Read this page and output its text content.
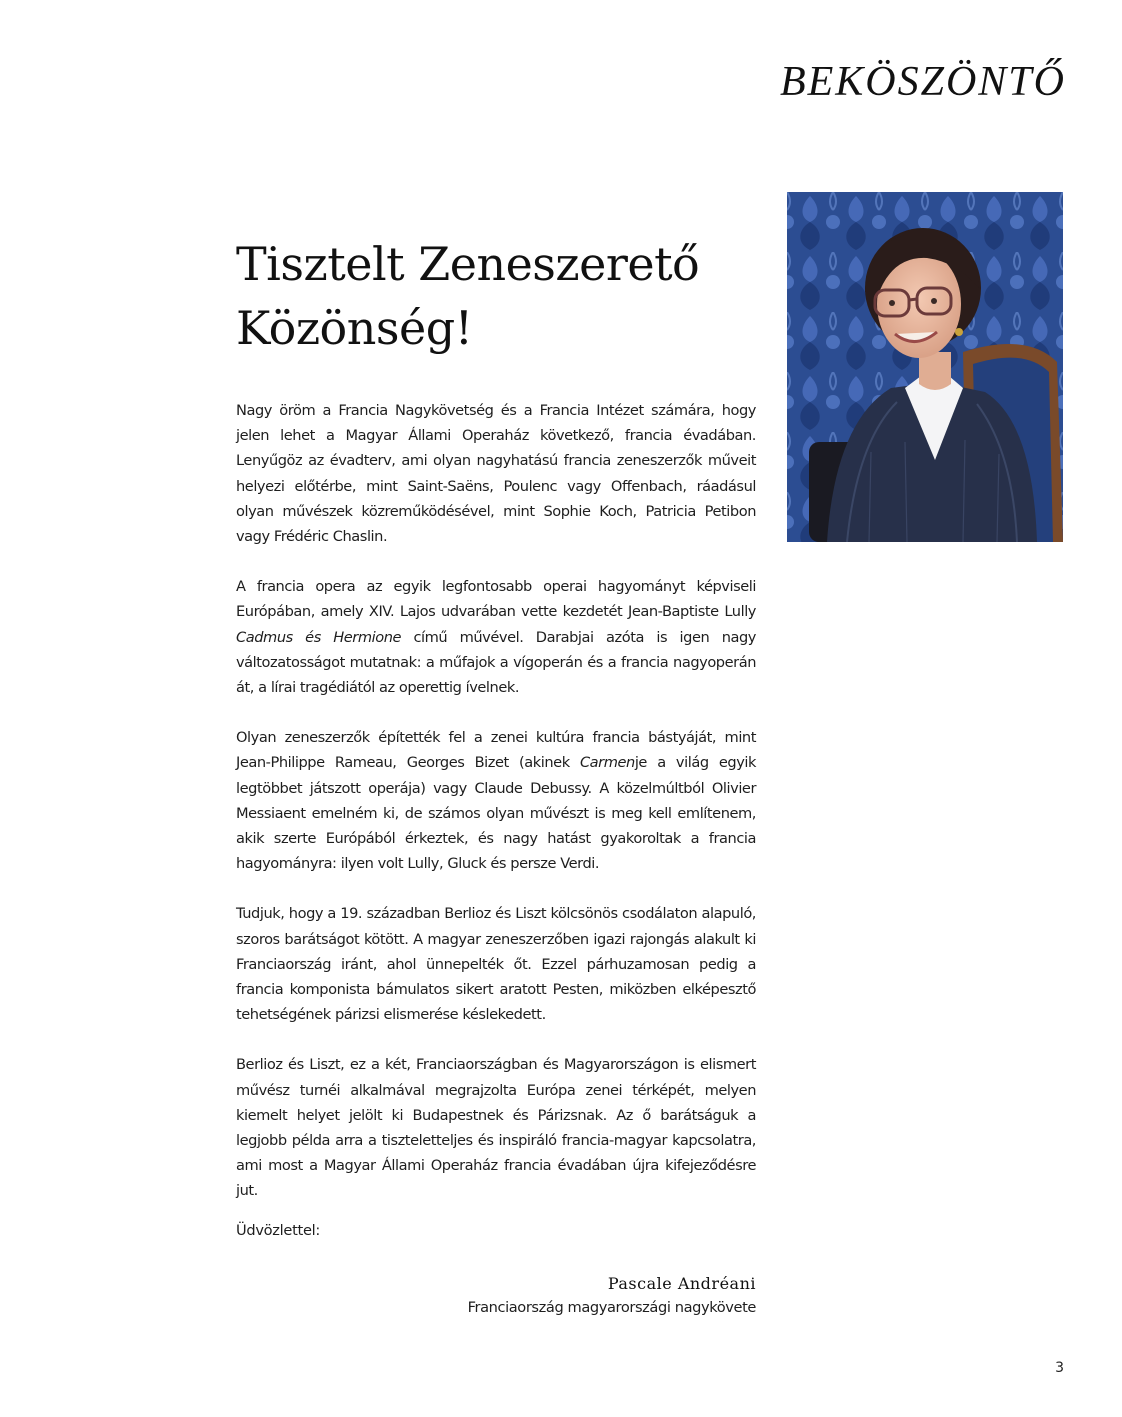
BEKÖSZÖNTŐ
Tisztelt Zeneszerető
Közönség!

Nagy öröm a Francia Nagykövetség és a Francia Intézet számára, hogy jelen lehet a Magyar Állami Operaház következő, francia évadában. Lenyűgöz az évadterv, ami olyan nagyhatású francia zeneszerzők műveit helyezi előtérbe, mint Saint-Saëns, Poulenc vagy Offenbach, ráadásul olyan művészek közreműködésével, mint Sophie Koch, Patricia Petibon vagy Frédéric Chaslin.

A francia opera az egyik legfontosabb operai hagyományt képviseli Európában, amely XIV. Lajos udvarában vette kezdetét Jean-Baptiste Lully Cadmus és Hermione című művével. Darabjai azóta is igen nagy változatosságot mutatnak: a műfajok a vígoperán és a francia nagyoperán át, a lírai tragédiától az operettig ívelnek.

Olyan zeneszerzők építették fel a zenei kultúra francia bástyáját, mint Jean-Philippe Rameau, Georges Bizet (akinek Carmenje a világ egyik legtöbbet játszott operája) vagy Claude Debussy. A közelmúltból Olivier Messiaent emelném ki, de számos olyan művészt is meg kell említenem, akik szerte Európából érkeztek, és nagy hatást gyakoroltak a francia hagyományra: ilyen volt Lully, Gluck és persze Verdi.

Tudjuk, hogy a 19. században Berlioz és Liszt kölcsönös csodálaton alapuló, szoros barátságot kötött. A magyar zeneszerzőben igazi rajongás alakult ki Franciaország iránt, ahol ünnepelték őt. Ezzel párhuzamosan pedig a francia komponista bámulatos sikert aratott Pesten, miközben elképesztő tehetségének párizsi elismerése késlekedett.

Berlioz és Liszt, ez a két, Franciaországban és Magyarországon is elismert művész turnéi alkalmával megrajzolta Európa zenei térképét, melyen kiemelt helyet jelölt ki Budapestnek és Párizsnak. Az ő barátságuk a legjobb példa arra a tiszteletteljes és inspiráló francia-magyar kapcsolatra, ami most a Magyar Állami Operaház francia évadában újra kifejeződésre jut.

Üdvözlettel:

Pascale Andréani

Franciaország magyarországi nagykövete

3
